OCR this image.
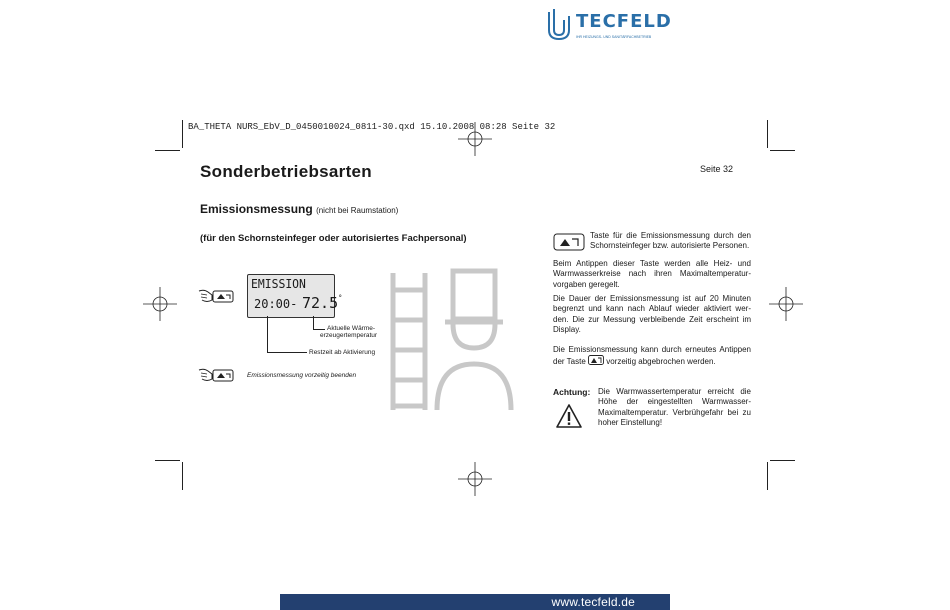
TECFELD
IHR HEIZUNGS- UND SANITÄRFACHBETRIEB
BA_THETA NURS_EbV_D_0450010024_0811-30.qxd 15.10.2008 08:28 Seite 32
Sonderbetriebsarten	Seite 32
Emissionsmessung (nicht bei Raumstation)
(für den Schornsteinfeger oder autorisiertes Fachpersonal)
EMISSION
20:00- 72.5°
Aktuelle Wärme-
erzeugertemperatur
Restzeit ab Aktivierung
Emissionsmessung vorzeitig beenden
Taste für die Emissionsmessung durch den Schornsteinfeger bzw. autorisierte Personen.
Beim Antippen dieser Taste werden alle Heiz- und Warmwasserkreise nach ihren Maximaltemperatur-vorgaben geregelt.
Die Dauer der Emissionsmessung ist auf 20 Minuten begrenzt und kann nach Ablauf wieder aktiviert wer-den. Die zur Messung verbleibende Zeit erscheint im Display.
Die Emissionsmessung kann durch erneutes Antippen der Taste	vorzeitig abgebrochen werden.
Achtung: Die Warmwassertemperatur erreicht die Höhe der eingestellten Warmwasser-Maximaltemperatur. Verbrühgefahr bei zu hoher Einstellung!
www.tecfeld.de
